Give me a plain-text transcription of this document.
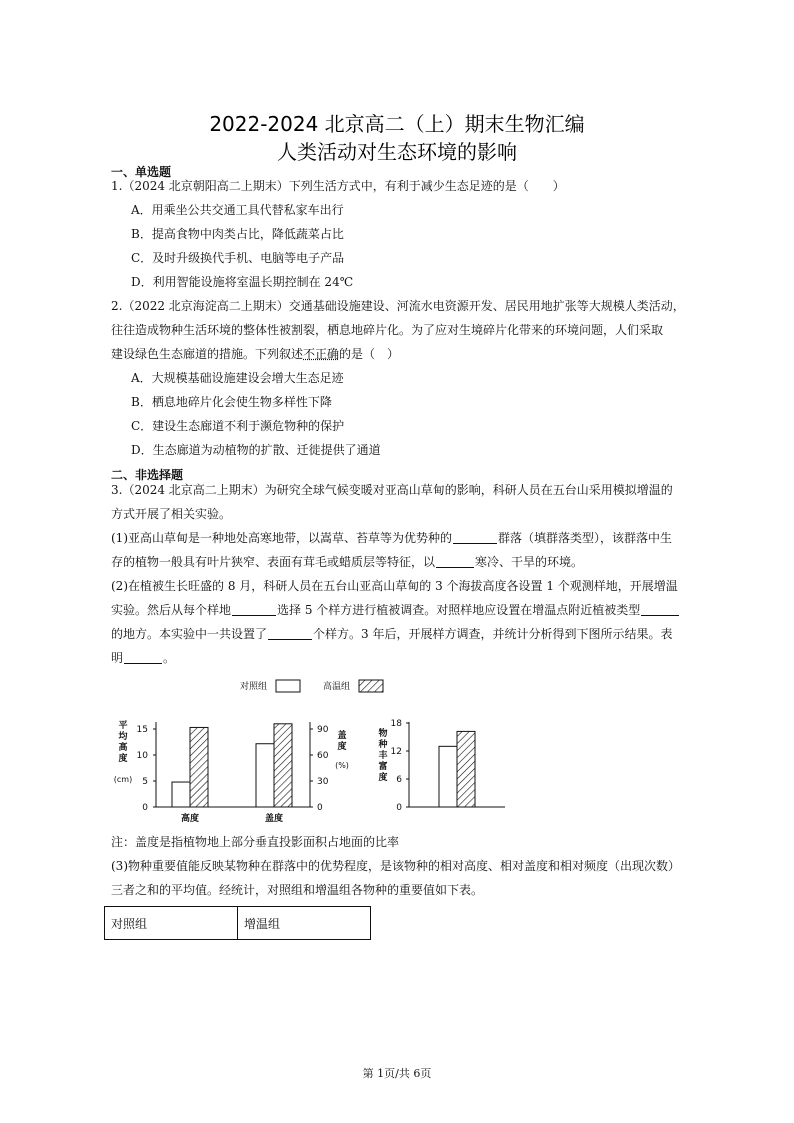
2022-2024 北京高二（上）期末生物汇编
人类活动对生态环境的影响
一、单选题
1.（2024 北京朝阳高二上期末）下列生活方式中，有利于减少生态足迹的是（　　）
A．用乘坐公共交通工具代替私家车出行
B．提高食物中肉类占比，降低蔬菜占比
C．及时升级换代手机、电脑等电子产品
D．利用智能设施将室温长期控制在 24℃
2.（2022 北京海淀高二上期末）交通基础设施建设、河流水电资源开发、居民用地扩张等大规模人类活动，
往往造成物种生活环境的整体性被割裂，栖息地碎片化。为了应对生境碎片化带来的环境问题，人们采取
建设绿色生态廊道的措施。下列叙述不正确的是（　）
A．大规模基础设施建设会增大生态足迹
B．栖息地碎片化会使生物多样性下降
C．建设生态廊道不利于濒危物种的保护
D．生态廊道为动植物的扩散、迁徙提供了通道
二、非选择题
3.（2024 北京高二上期末）为研究全球气候变暖对亚高山草甸的影响，科研人员在五台山采用模拟增温的
方式开展了相关实验。
(1)亚高山草甸是一种地处高寒地带，以嵩草、苔草等为优势种的	群落（填群落类型），该群落中生
存的植物一般具有叶片狭窄、表面有茸毛或蜡质层等特征，以	寒冷、干旱的环境。
(2)在植被生长旺盛的 8 月，科研人员在五台山亚高山草甸的 3 个海拔高度各设置 1 个观测样地，开展增温
实验。然后从每个样地	选择 5 个样方进行植被调查。对照样地应设置在增温点附近植被类型
的地方。本实验中一共设置了	个样方。3 年后，开展样方调查，并统计分析得到下图所示结果。表
明	。
对照组	高温组
0
5
10
15
平
均
高
度
(cm)
高度
0
30
60
90
盖
度
(%)
盖度
0
6
12
18
物
种
丰
富
度
注：盖度是指植物地上部分垂直投影面积占地面的比率
(3)物种重要值能反映某物种在群落中的优势程度，是该物种的相对高度、相对盖度和相对频度（出现次数）
三者之和的平均值。经统计，对照组和增温组各物种的重要值如下表。
对照组	增温组
第 1页/共 6页
